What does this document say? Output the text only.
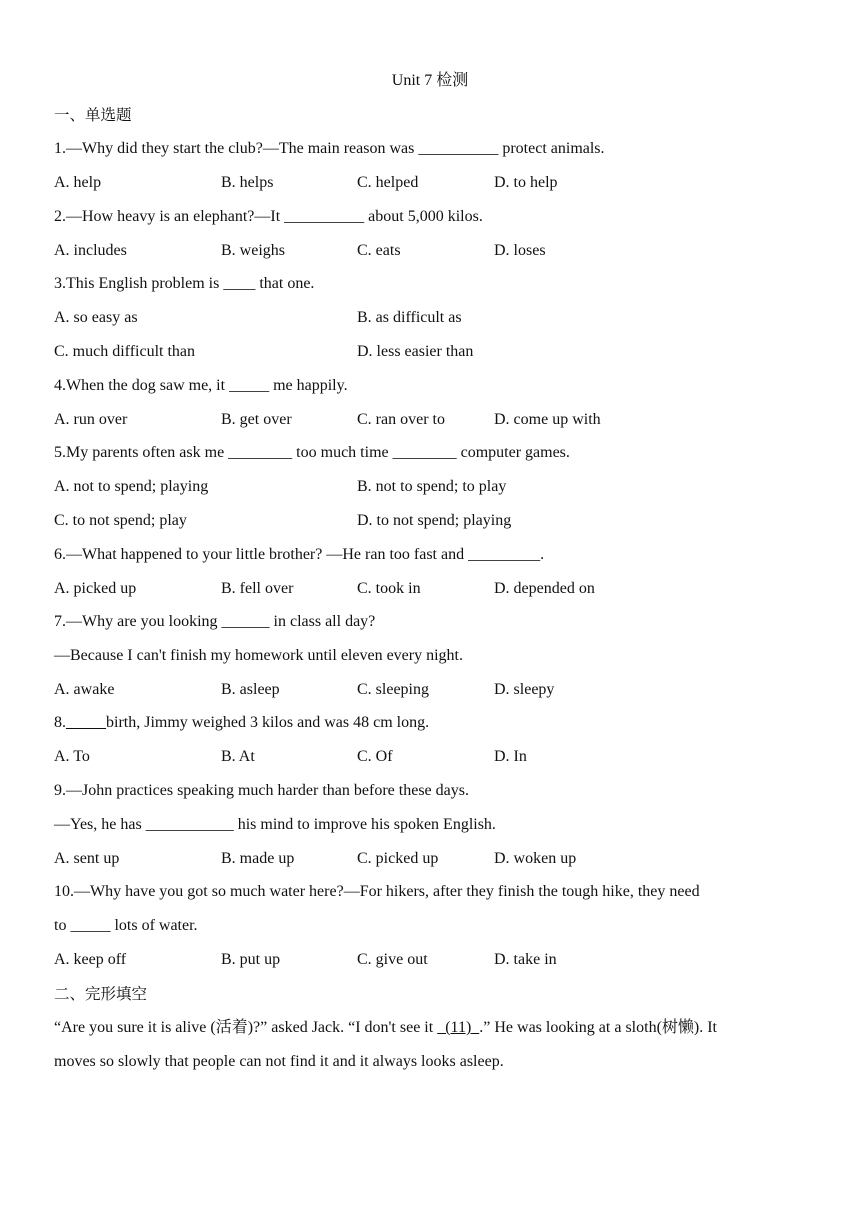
Unit 7 检测
一、单选题
1.—Why did they start the club?—The main reason was __________ protect animals.
A. help	B. helps	C. helped	D. to help
2.—How heavy is an elephant?—It __________ about 5,000 kilos.
A. includes	B. weighs	C. eats	D. loses
3.This English problem is ____ that one.
A. so easy as	B. as difficult as
C. much difficult than	D. less easier than
4.When the dog saw me, it _____ me happily.
A. run over	B. get over	C. ran over to	D. come up with
5.My parents often ask me ________ too much time ________ computer games.
A. not to spend; playing	B. not to spend; to play
C. to not spend; play	D. to not spend; playing
6.—What happened to your little brother? —He ran too fast and _________.
A. picked up	B. fell over	C. took in	D. depended on
7.—Why are you looking ______ in class all day?
—Because I can't finish my homework until eleven every night.
A. awake	B. asleep	C. sleeping	D. sleepy
8._____birth, Jimmy weighed 3 kilos and was 48 cm long.
A. To	B. At	C. Of	D. In
9.—John practices speaking much harder than before these days.
—Yes, he has ___________ his mind to improve his spoken English.
A. sent up	B. made up	C. picked up	D. woken up
10.—Why have you got so much water here?—For hikers, after they finish the tough hike, they need
to _____ lots of water.
A. keep off	B. put up	C. give out	D. take in
二、完形填空
“Are you sure it is alive (活着)?” asked Jack. “I don't see it   (11)  .” He was looking at a sloth(树懒). It
moves so slowly that people can not find it and it always looks asleep.
